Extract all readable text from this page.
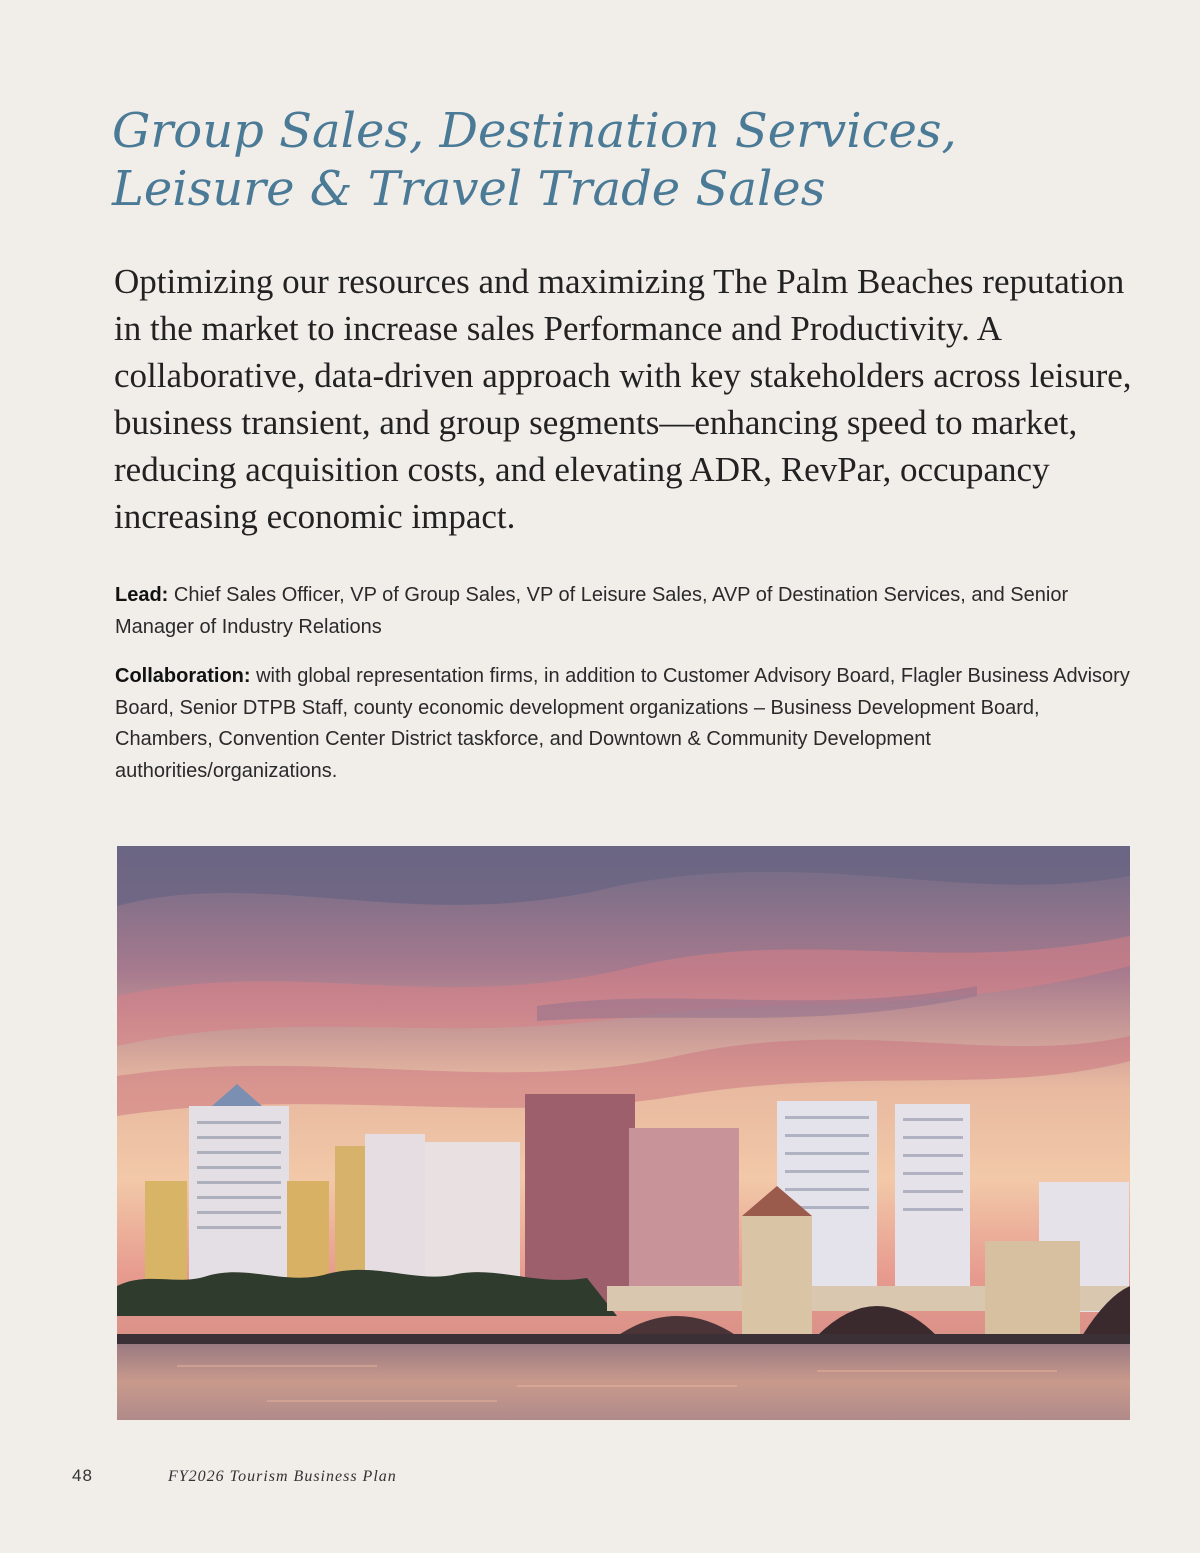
Group Sales, Destination Services,
Leisure & Travel Trade Sales

Optimizing our resources and maximizing The Palm Beaches reputation in the market to increase sales Performance and Productivity. A collaborative, data-driven approach with key stakeholders across leisure, business transient, and group segments—enhancing speed to market, reducing acquisition costs, and elevating ADR, RevPar, occupancy increasing economic impact.

Lead: Chief Sales Officer, VP of Group Sales, VP of Leisure Sales, AVP of Destination Services, and Senior Manager of Industry Relations

Collaboration: with global representation firms, in addition to Customer Advisory Board, Flagler Business Advisory Board, Senior DTPB Staff, county economic development organizations – Business Development Board, Chambers, Convention Center District taskforce, and Downtown & Community Development authorities/organizations.

48	FY2026 Tourism Business Plan
